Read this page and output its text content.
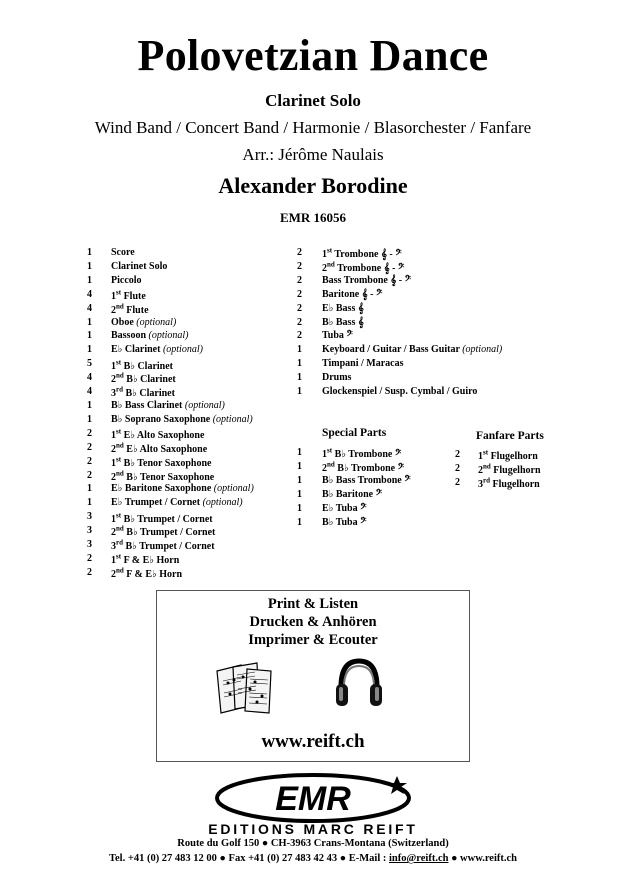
Polovetzian Dance
Clarinet Solo
Wind Band / Concert Band / Harmonie / Blasorchester / Fanfare
Arr.: Jérôme Naulais
Alexander Borodine
EMR 16056
1 Score
1 Clarinet Solo
1 Piccolo
4 1st Flute
4 2nd Flute
1 Oboe (optional)
1 Bassoon (optional)
1 E♭ Clarinet (optional)
5 1st B♭ Clarinet
4 2nd B♭ Clarinet
4 3rd B♭ Clarinet
1 B♭ Bass Clarinet (optional)
1 B♭ Soprano Saxophone (optional)
2 1st E♭ Alto Saxophone
2 2nd E♭ Alto Saxophone
2 1st B♭ Tenor Saxophone
2 2nd B♭ Tenor Saxophone
1 E♭ Baritone Saxophone (optional)
1 E♭ Trumpet / Cornet (optional)
3 1st B♭ Trumpet / Cornet
3 2nd B♭ Trumpet / Cornet
3 3rd B♭ Trumpet / Cornet
2 1st F & E♭ Horn
2 2nd F & E♭ Horn
2 1st Trombone 𝄞 - 𝄢
2 2nd Trombone 𝄞 - 𝄢
2 Bass Trombone 𝄞 - 𝄢
2 Baritone 𝄞 - 𝄢
2 E♭ Bass 𝄞
2 B♭ Bass 𝄞
2 Tuba 𝄢
1 Keyboard / Guitar / Bass Guitar (optional)
1 Timpani / Maracas
1 Drums
1 Glockenspiel / Susp. Cymbal / Guiro
Special Parts
1 1st B♭ Trombone 𝄢
1 2nd B♭ Trombone 𝄢
1 B♭ Bass Trombone 𝄢
1 B♭ Baritone 𝄢
1 E♭ Tuba 𝄢
1 B♭ Tuba 𝄢
Fanfare Parts
2 1st Flugelhorn
2 2nd Flugelhorn
2 3rd Flugelhorn
Print & Listen
Drucken & Anhören
Imprimer & Ecouter
www.reift.ch
EMR
EDITIONS MARC REIFT
Route du Golf 150 ● CH-3963 Crans-Montana (Switzerland)
Tel. +41 (0) 27 483 12 00 ● Fax +41 (0) 27 483 42 43 ● E-Mail : info@reift.ch ● www.reift.ch
